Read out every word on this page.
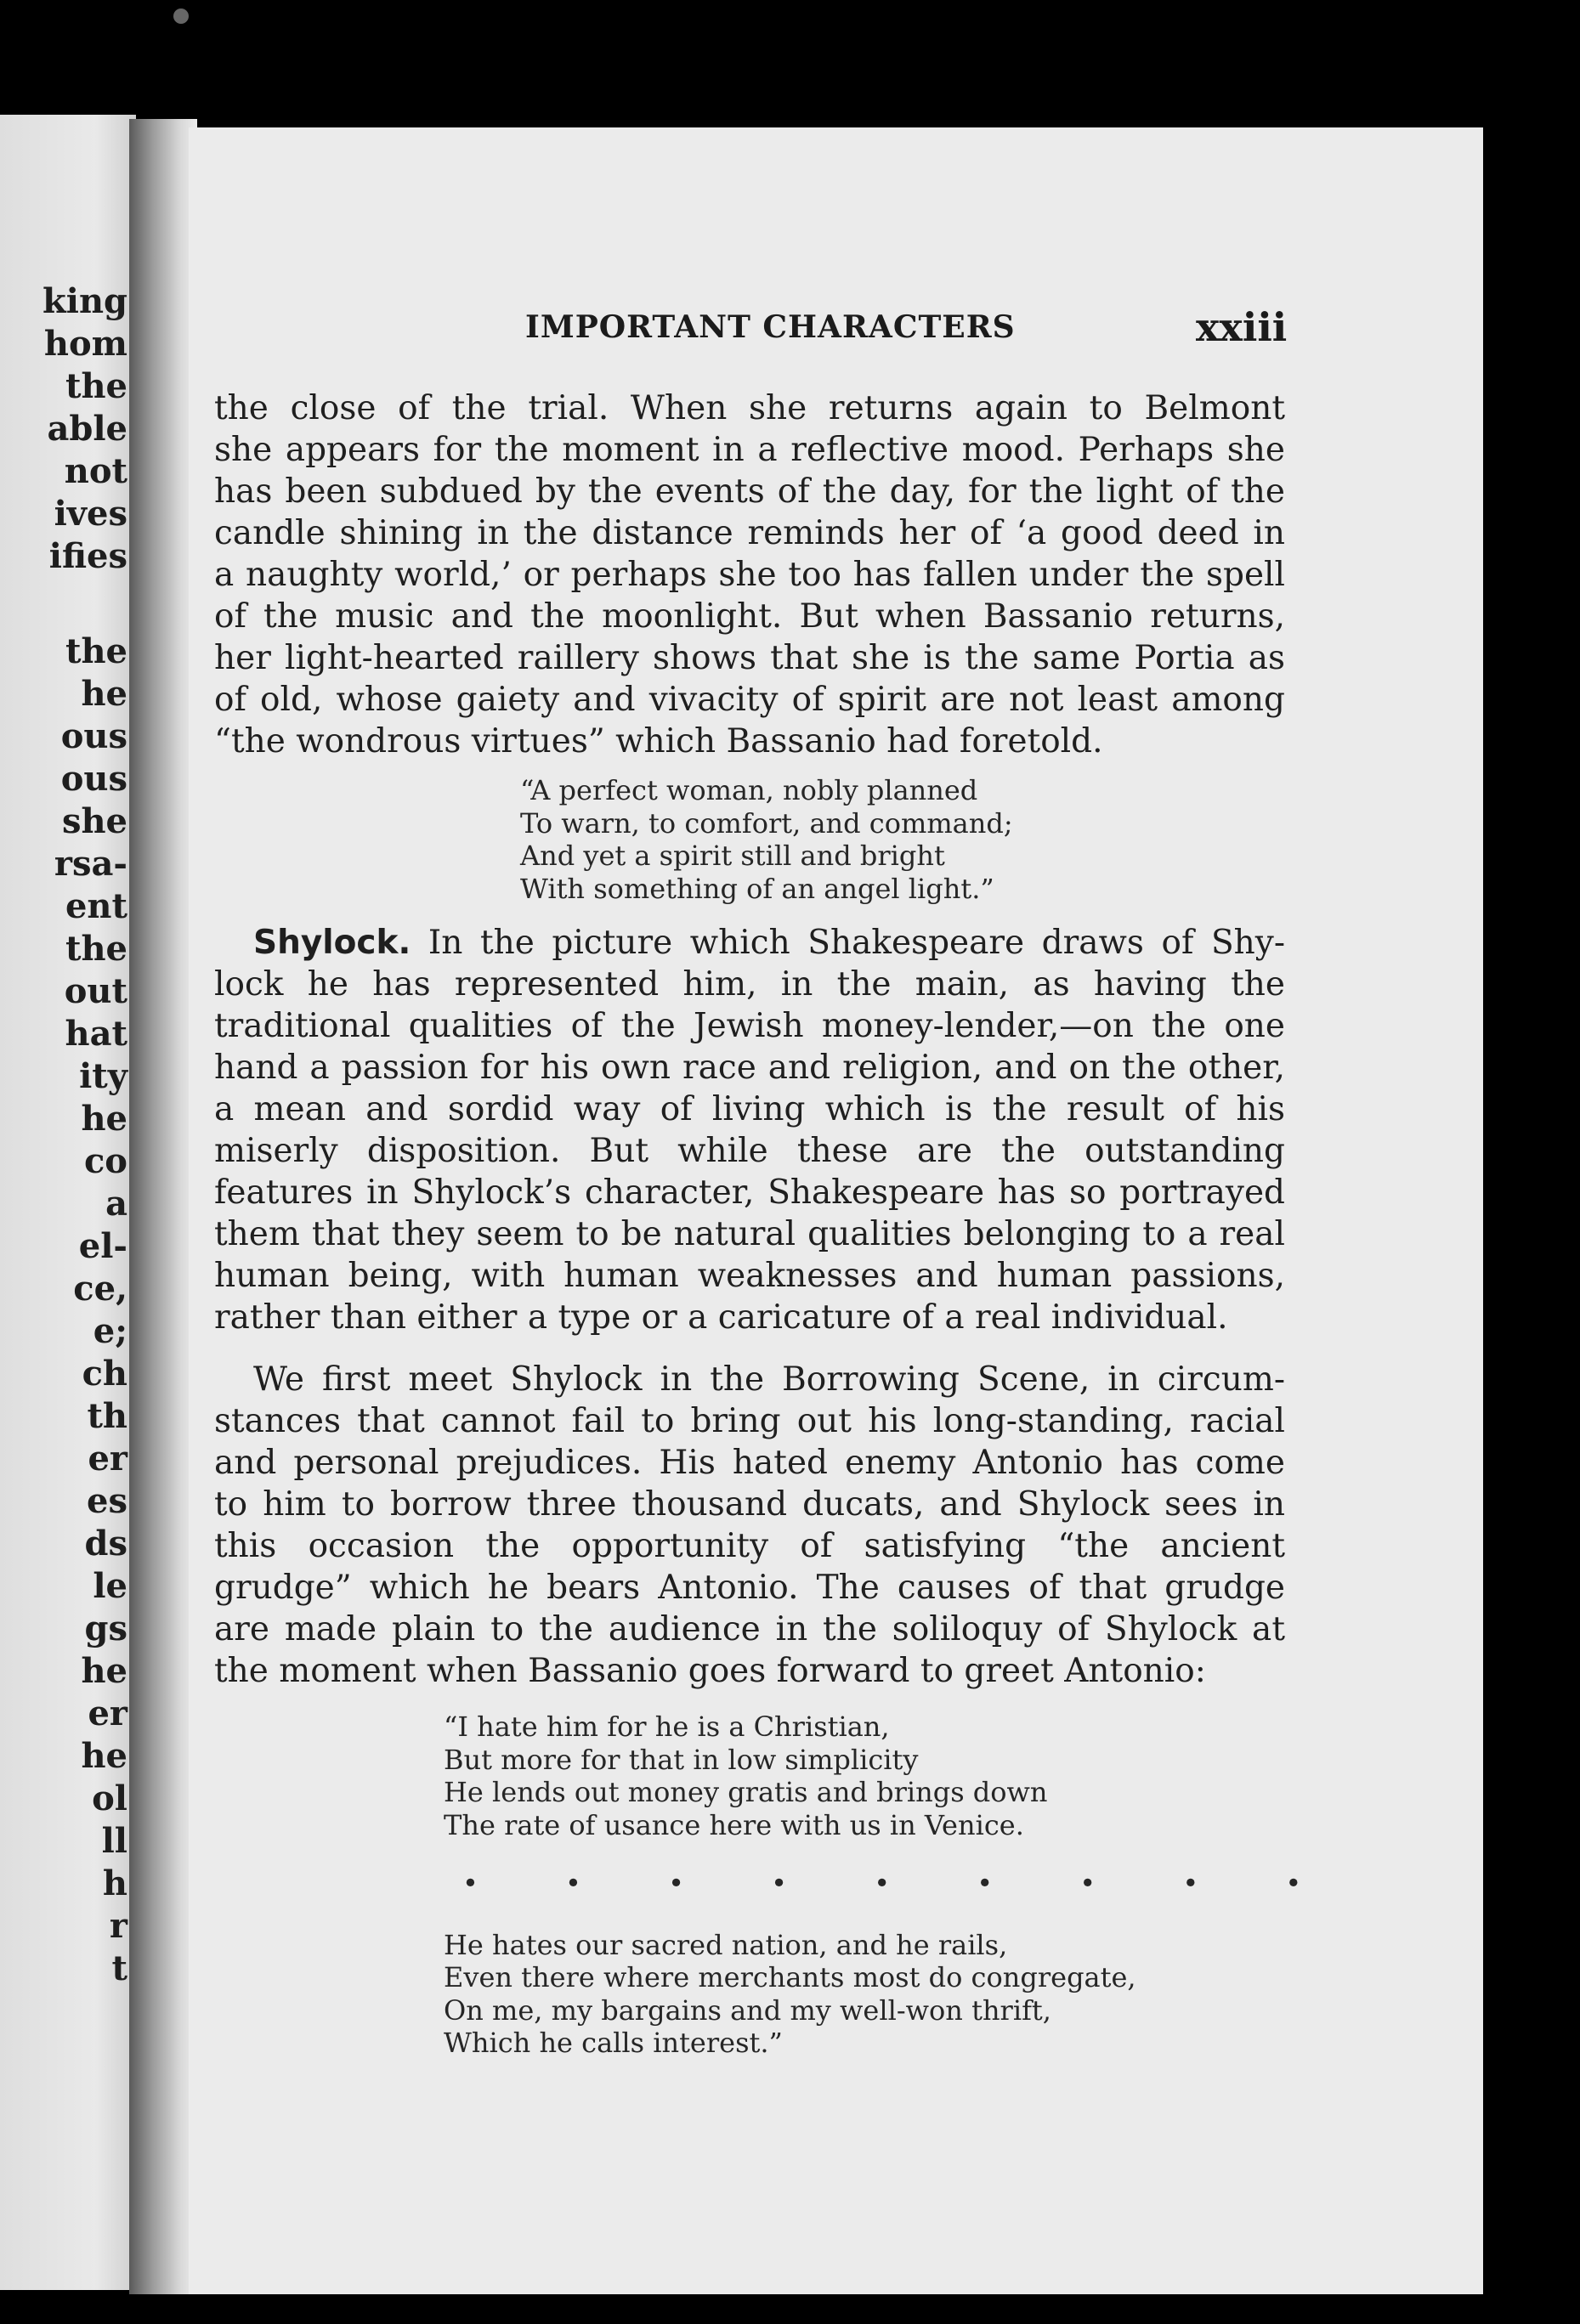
king
hom
the
able
not
ives
ifies
the
he
ous
ous
she
rsa-
ent
the
out
hat
ity
he
co
a
el-
ce,
e;
ch
th
er
es
ds
le
gs
he
er
he
ol
ll
h
r
t
IMPORTANT CHARACTERS	xxiii

the close of the trial. When she returns again to Belmont
she appears for the moment in a reflective mood. Perhaps she
has been subdued by the events of the day, for the light of the
candle shining in the distance reminds her of ‘a good deed in
a naughty world,’ or perhaps she too has fallen under the spell
of the music and the moonlight. But when Bassanio returns,
her light-hearted raillery shows that she is the same Portia as
of old, whose gaiety and vivacity of spirit are not least among
“the wondrous virtues” which Bassanio had foretold.

“A perfect woman, nobly planned
To warn, to comfort, and command;
And yet a spirit still and bright
With something of an angel light.”

Shylock. In the picture which Shakespeare draws of Shy-
lock he has represented him, in the main, as having the
traditional qualities of the Jewish money-lender,—on the one
hand a passion for his own race and religion, and on the other,
a mean and sordid way of living which is the result of his
miserly disposition. But while these are the outstanding
features in Shylock’s character, Shakespeare has so portrayed
them that they seem to be natural qualities belonging to a real
human being, with human weaknesses and human passions,
rather than either a type or a caricature of a real individual.

We first meet Shylock in the Borrowing Scene, in circum-
stances that cannot fail to bring out his long-standing, racial
and personal prejudices. His hated enemy Antonio has come
to him to borrow three thousand ducats, and Shylock sees in
this occasion the opportunity of satisfying “the ancient
grudge” which he bears Antonio. The causes of that grudge
are made plain to the audience in the soliloquy of Shylock at
the moment when Bassanio goes forward to greet Antonio:

“I hate him for he is a Christian,
But more for that in low simplicity
He lends out money gratis and brings down
The rate of usance here with us in Venice.
• • • • • • • • •
He hates our sacred nation, and he rails,
Even there where merchants most do congregate,
On me, my bargains and my well-won thrift,
Which he calls interest.”
